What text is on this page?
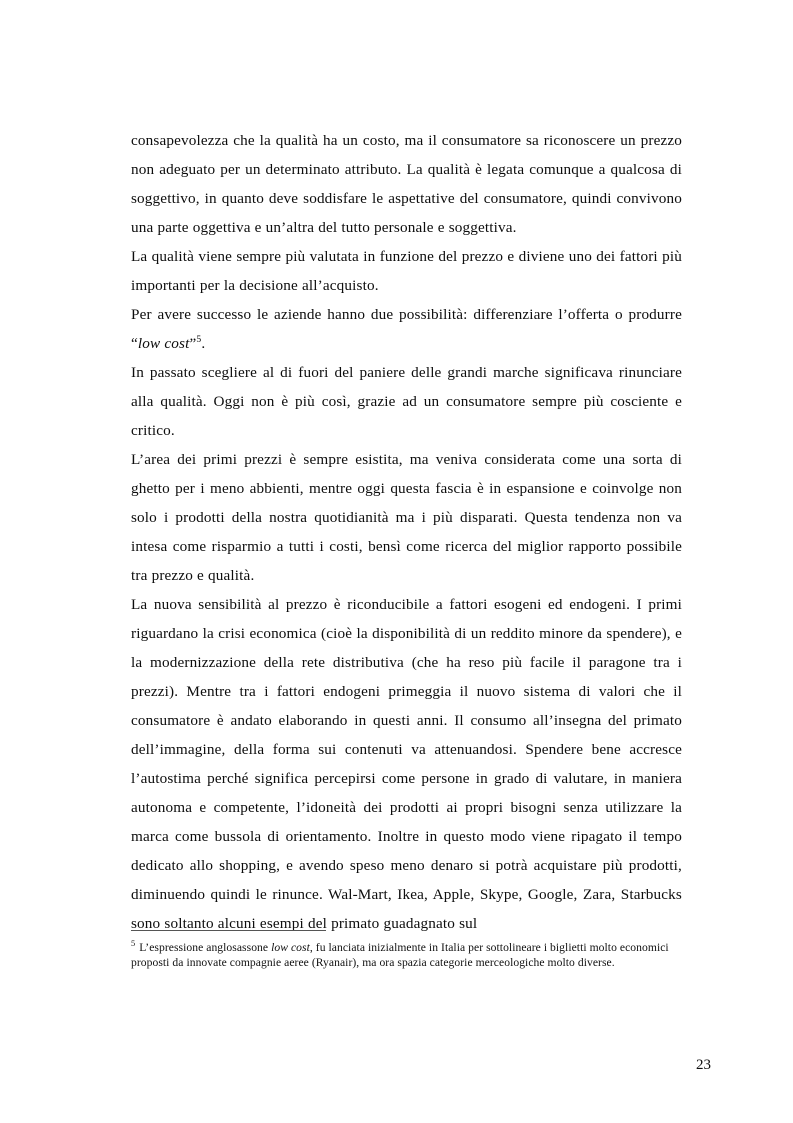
consapevolezza che la qualità ha un costo, ma il consumatore sa riconoscere un prezzo non adeguato per un determinato attributo. La qualità è legata comunque a qualcosa di soggettivo, in quanto deve soddisfare le aspettative del consumatore, quindi convivono una parte oggettiva e un’altra del tutto personale e soggettiva.

La qualità viene sempre più valutata in funzione del prezzo e diviene uno dei fattori più importanti per la decisione all’acquisto.

Per avere successo le aziende hanno due possibilità: differenziare l’offerta o produrre “low cost”$^5$.

In passato scegliere al di fuori del paniere delle grandi marche significava rinunciare alla qualità. Oggi non è più così, grazie ad un consumatore sempre più cosciente e critico.

L’area dei primi prezzi è sempre esistita, ma veniva considerata come una sorta di ghetto per i meno abbienti, mentre oggi questa fascia è in espansione e coinvolge non solo i prodotti della nostra quotidianità ma i più disparati. Questa tendenza non va intesa come risparmio a tutti i costi, bensì come ricerca del miglior rapporto possibile tra prezzo e qualità.

La nuova sensibilità al prezzo è riconducibile a fattori esogeni ed endogeni. I primi riguardano la crisi economica (cioè la disponibilità di un reddito minore da spendere), e la modernizzazione della rete distributiva (che ha reso più facile il paragone tra i prezzi). Mentre tra i fattori endogeni primeggia il nuovo sistema di valori che il consumatore è andato elaborando in questi anni. Il consumo all’insegna del primato dell’immagine, della forma sui contenuti va attenuandosi. Spendere bene accresce l’autostima perché significa percepirsi come persone in grado di valutare, in maniera autonoma e competente, l’idoneità dei prodotti ai propri bisogni senza utilizzare la marca come bussola di orientamento. Inoltre in questo modo viene ripagato il tempo dedicato allo shopping, e avendo speso meno denaro si potrà acquistare più prodotti, diminuendo quindi le rinunce. Wal-Mart, Ikea, Apple, Skype, Google, Zara, Starbucks sono soltanto alcuni esempi del primato guadagnato sul

$^5$ L’espressione anglosassone low cost, fu lanciata inizialmente in Italia per sottolineare i biglietti molto economici proposti da innovate compagnie aeree (Ryanair), ma ora spazia categorie merceologiche molto diverse.

23
